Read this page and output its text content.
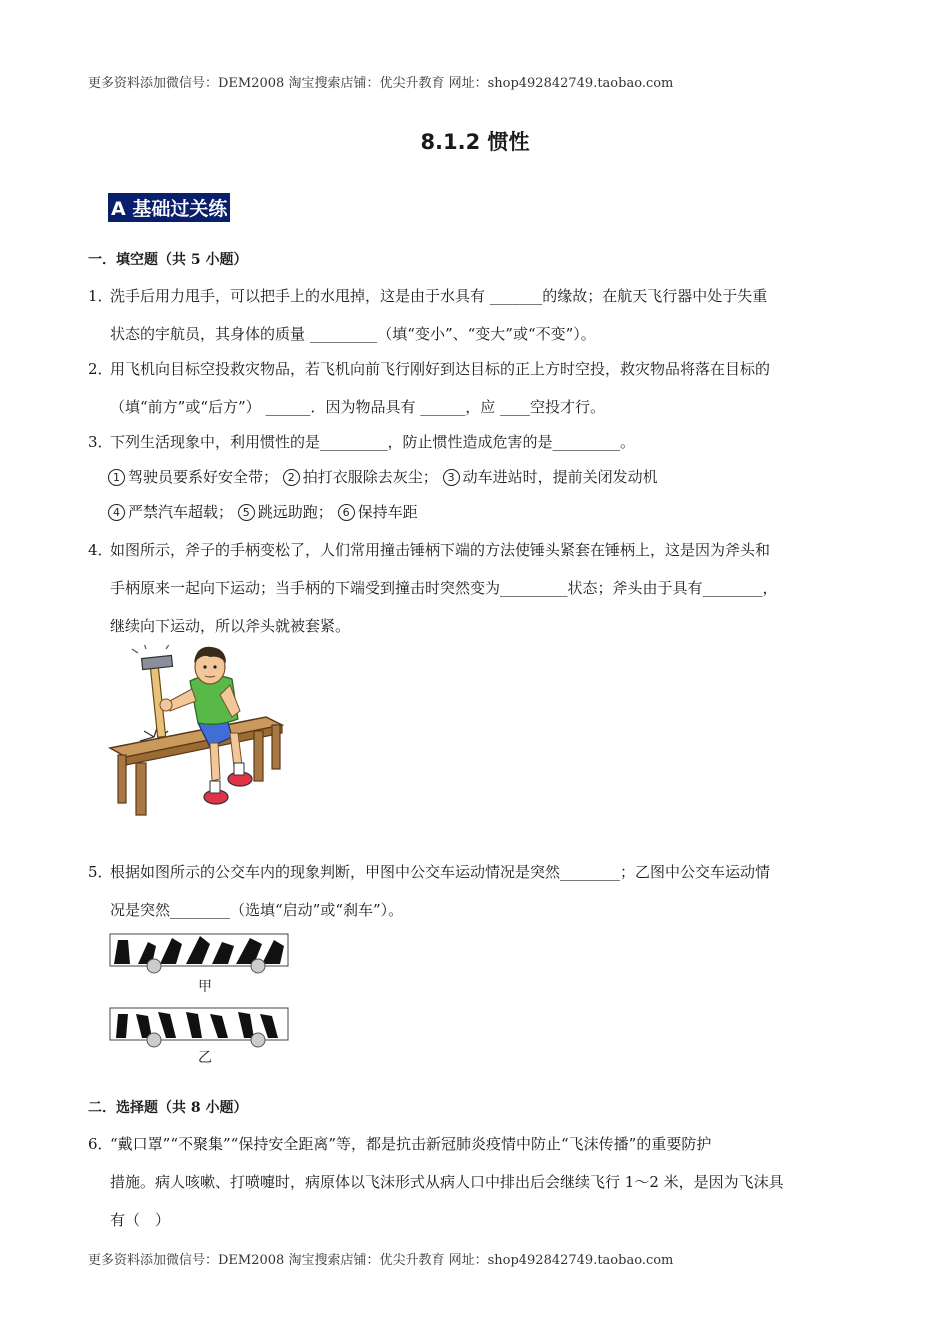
更多资料添加微信号：DEM2008 淘宝搜索店铺：优尖升教育 网址：shop492842749.taobao.com
8.1.2 惯性
A 基础过关练
一．填空题（共 5 小题）
1．
洗手后用力甩手，可以把手上的水甩掉，这是由于水具有 _______的缘故；在航天飞行器中处于失重
状态的宇航员，其身体的质量 _________（填“变小”、“变大”或“不变”）。
2．
用飞机向目标空投救灾物品，若飞机向前飞行刚好到达目标的正上方时空投，救灾物品将落在目标的
（填“前方”或“后方”） ______．因为物品具有 ______，应 ____空投才行。
3．
下列生活现象中，利用惯性的是_________，防止惯性造成危害的是_________。
1 驾驶员要系好安全带； 2 拍打衣服除去灰尘； 3 动车进站时，提前关闭发动机
4 严禁汽车超载； 5 跳远助跑； 6 保持车距
4．
如图所示，斧子的手柄变松了，人们常用撞击锤柄下端的方法使锤头紧套在锤柄上，这是因为斧头和
手柄原来一起向下运动；当手柄的下端受到撞击时突然变为_________状态；斧头由于具有________，
继续向下运动，所以斧头就被套紧。
5．
根据如图所示的公交车内的现象判断，甲图中公交车运动情况是突然________；乙图中公交车运动情
况是突然________（选填“启动”或“刹车”）。
甲
乙
二．选择题（共 8 小题）
6．
“戴口罩”“不聚集”“保持安全距离”等，都是抗击新冠肺炎疫情中防止“飞沫传播”的重要防护
措施。病人咳嗽、打喷嚏时，病原体以飞沫形式从病人口中排出后会继续飞行 1～2 米，是因为飞沫具
有（　）
更多资料添加微信号：DEM2008 淘宝搜索店铺：优尖升教育 网址：shop492842749.taobao.com
